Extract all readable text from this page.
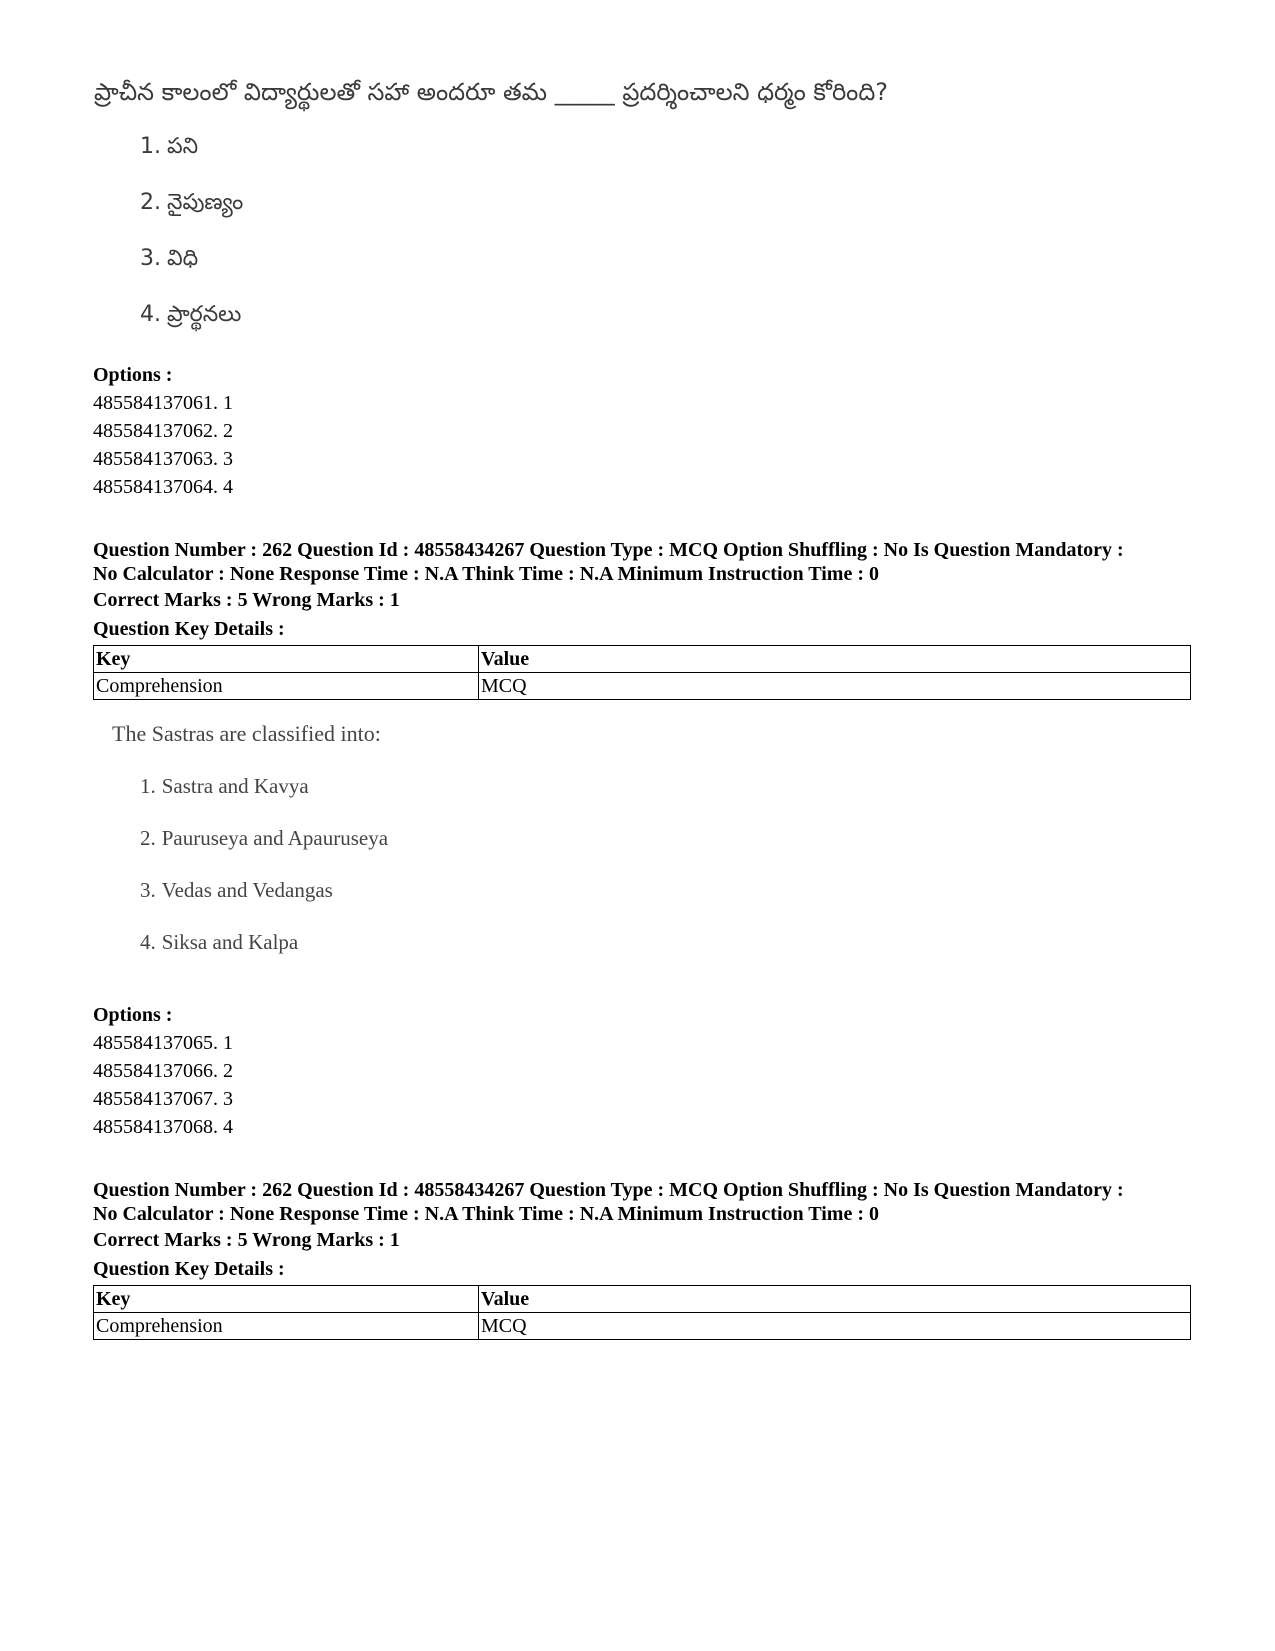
ప్రాచీన కాలంలో విద్యార్థులతో సహా అందరూ తమ _____ ప్రదర్శించాలని ధర్మం కోరింది?
1. పని
2. నైపుణ్యం
3. విధి
4. ప్రార్థనలు
Options :
485584137061. 1
485584137062. 2
485584137063. 3
485584137064. 4
Question Number : 262 Question Id : 48558434267 Question Type : MCQ Option Shuffling : No Is Question Mandatory :
No Calculator : None Response Time : N.A Think Time : N.A Minimum Instruction Time : 0
Correct Marks : 5 Wrong Marks : 1
Question Key Details :
Key	Value
Comprehension	MCQ
The Sastras are classified into:
1. Sastra and Kavya
2. Pauruseya and Apauruseya
3. Vedas and Vedangas
4. Siksa and Kalpa
Options :
485584137065. 1
485584137066. 2
485584137067. 3
485584137068. 4
Question Number : 262 Question Id : 48558434267 Question Type : MCQ Option Shuffling : No Is Question Mandatory :
No Calculator : None Response Time : N.A Think Time : N.A Minimum Instruction Time : 0
Correct Marks : 5 Wrong Marks : 1
Question Key Details :
Key	Value
Comprehension	MCQ
